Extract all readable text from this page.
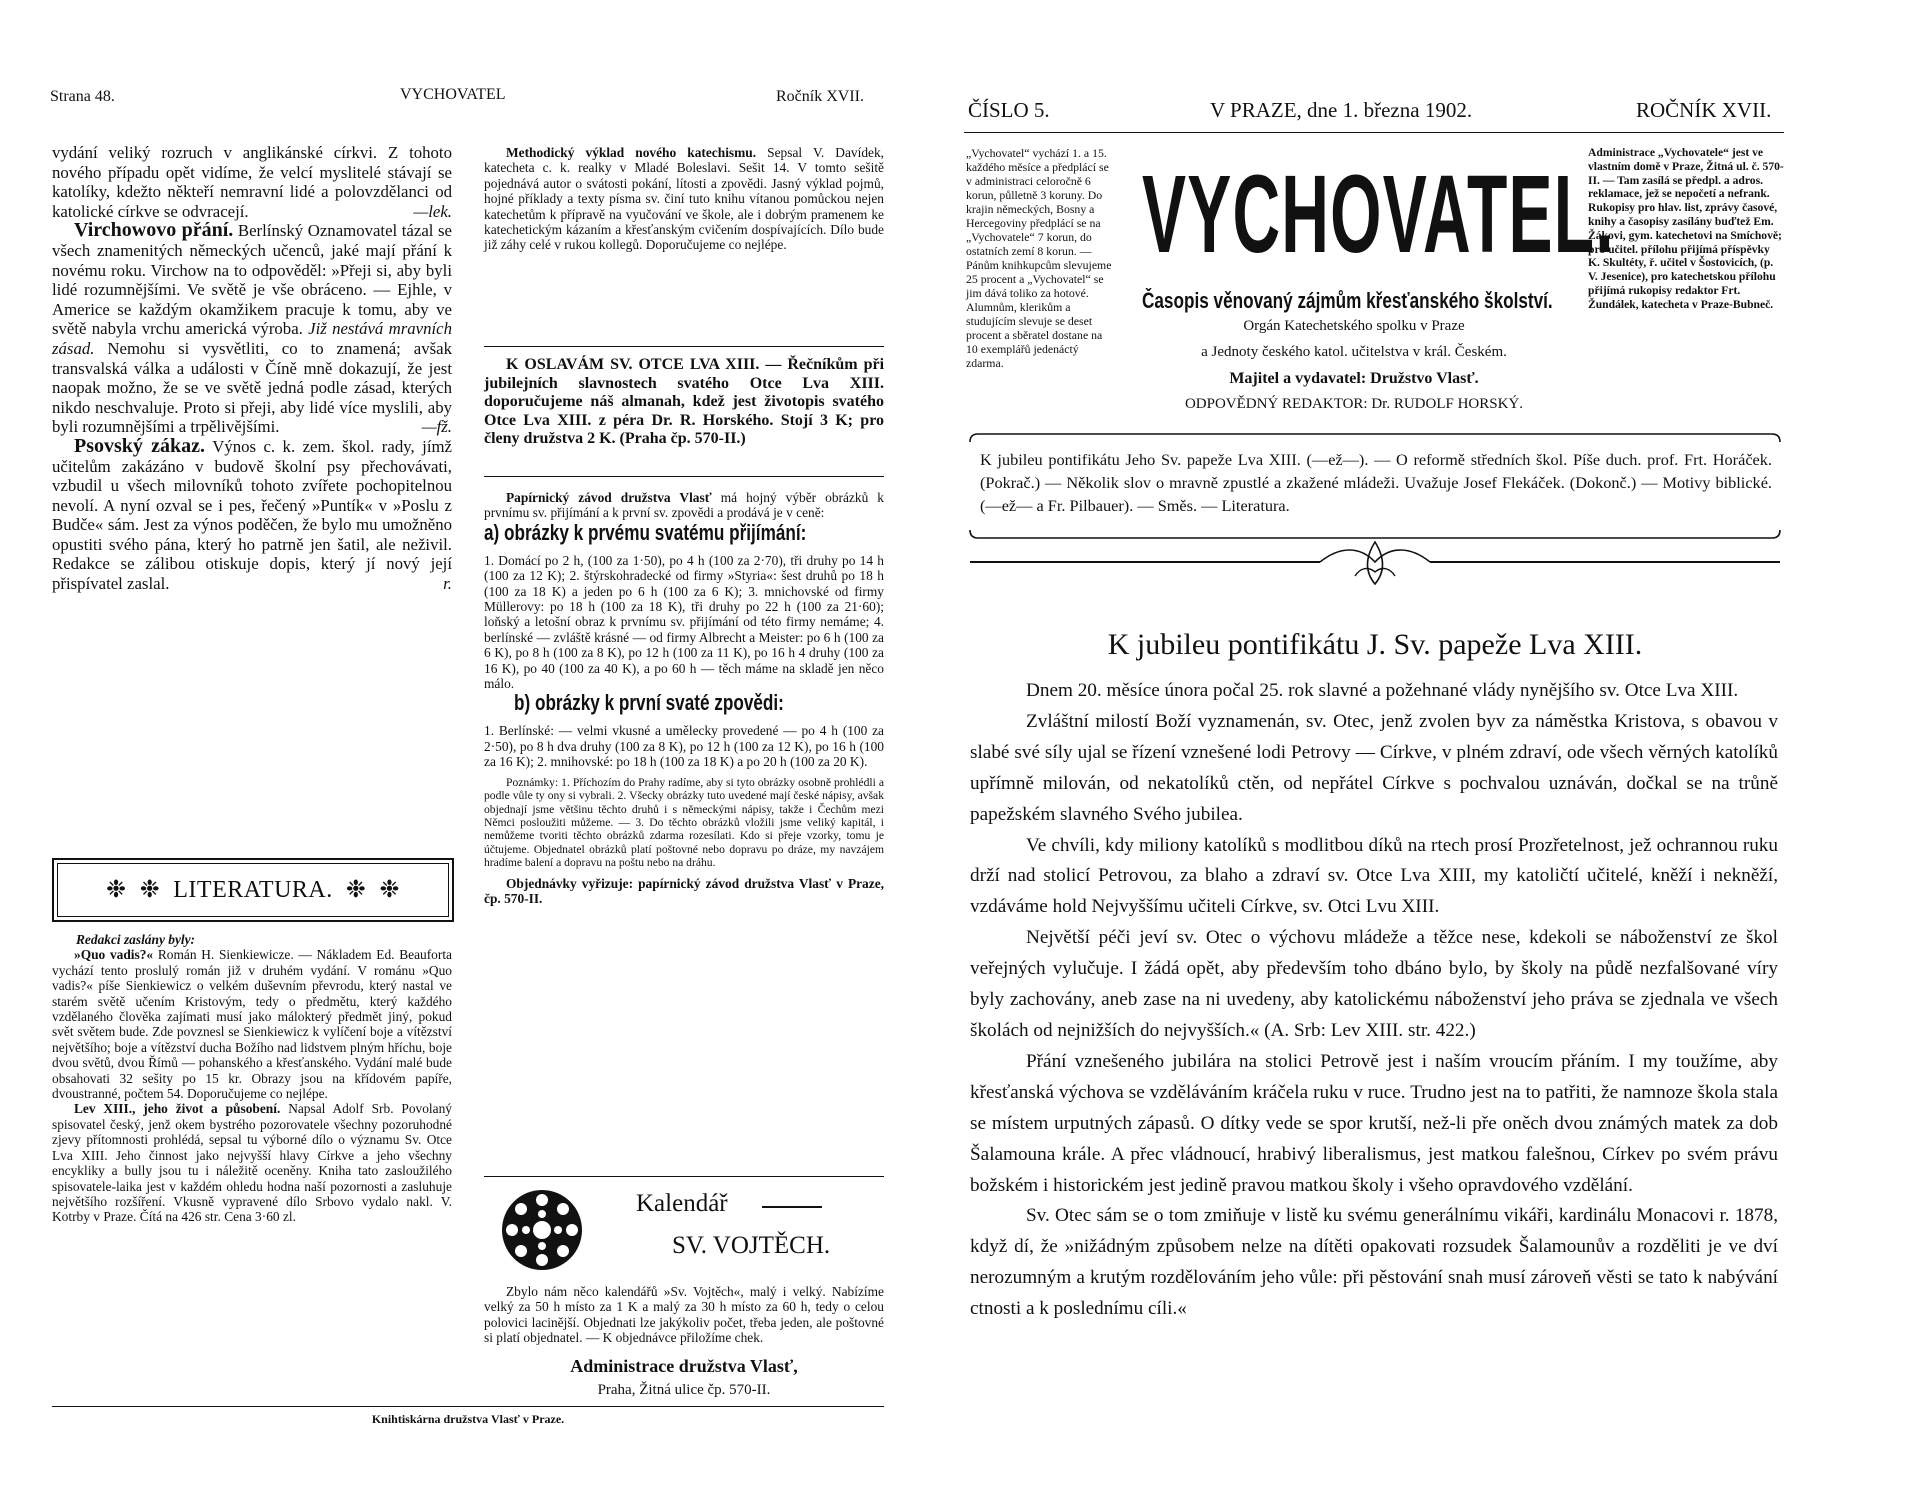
Strana 48.	VYCHOVATEL	Ročník XVII.

vydání veliký rozruch v anglikánské církvi. Z tohoto nového případu opět vidíme, že velcí myslitelé stávají se katolíky, kdežto někteří nemravní lidé a polovzdělanci od katolické církve se odvracejí.	—lek.

Virchowovo přání. Berlínský Oznamovatel tázal se všech znamenitých německých učenců, jaké mají přání k novému roku. Virchow na to odpověděl: »Přeji si, aby byli lidé rozumnějšími. Ve světě je vše obráceno. — Ejhle, v Americe se každým okamžikem pracuje k tomu, aby ve světě nabyla vrchu americká výroba. Již nestává mravních zásad. Nemohu si vysvětliti, co to znamená; avšak transvalská válka a události v Číně mně dokazují, že jest naopak možno, že se ve světě jedná podle zásad, kterých nikdo neschvaluje. Proto si přeji, aby lidé více myslili, aby byli rozumnějšími a trpělivějšími.	—fž.

Psovský zákaz. Výnos c. k. zem. škol. rady, jímž učitelům zakázáno v budově školní psy přechovávati, vzbudil u všech milovníků tohoto zvířete pochopitelnou nevolí. A nyní ozval se i pes, řečený »Puntík« v »Poslu z Budče« sám. Jest za výnos poděčen, že bylo mu umožněno opustiti svého pána, který ho patrně jen šatil, ale neživil. Redakce se zálibou otiskuje dopis, který jí nový její přispívatel zaslal.	r.

❉ ❉ LITERATURA. ❉ ❉

Redakci zaslány byly:

»Quo vadis?« Román H. Sienkiewicze. — Nákladem Ed. Beauforta vychází tento proslulý román již v druhém vydání. V románu »Quo vadis?« píše Sienkiewicz o velkém duševním převrodu, který nastal ve starém světě učením Kristovým, tedy o předmětu, který každého vzdělaného člověka zajímati musí jako málokterý předmět jiný, pokud svět světem bude. Zde povznesl se Sienkiewicz k vylíčení boje a vítězství největšího; boje a vítězství ducha Božího nad lidstvem plným hříchu, boje dvou světů, dvou Římů — pohanského a křesťanského. Vydání malé bude obsahovati 32 sešity po 15 kr. Obrazy jsou na křídovém papíře, dvoustranné, počtem 54. Doporučujeme co nejlépe.

Lev XIII., jeho život a působení. Napsal Adolf Srb. Povolaný spisovatel český, jenž okem bystrého pozorovatele všechny pozoruhodné zjevy přítomnosti prohlédá, sepsal tu výborné dílo o významu Sv. Otce Lva XIII. Jeho činnost jako nejvyšší hlavy Církve a jeho všechny encykliky a bully jsou tu i náležitě oceněny. Kniha tato zasloužilého spisovatele-laika jest v každém ohledu hodna naší pozornosti a zasluhuje největšího rozšíření. Vkusně vypravené dílo Srbovo vydalo nakl. V. Kotrby v Praze. Čítá na 426 str. Cena 3·60 zl.

Methodický výklad nového katechismu. Sepsal V. Davídek, katecheta c. k. realky v Mladé Boleslavi. Sešit 14. V tomto sešitě pojednává autor o svátosti pokání, lítosti a zpovědi. Jasný výklad pojmů, hojné příklady a texty písma sv. činí tuto knihu vítanou pomůckou nejen katechetům k přípravě na vyučování ve škole, ale i dobrým pramenem ke katechetickým kázaním a křesťanským cvičením dospívajících. Dílo bude již záhy celé v rukou kollegů. Doporučujeme co nejlépe.

K OSLAVÁM SV. OTCE LVA XIII. — Řečníkům při jubilejních slavnostech svatého Otce Lva XIII. doporučujeme náš almanah, kdež jest životopis svatého Otce Lva XIII. z péra Dr. R. Horského. Stojí 3 K; pro členy družstva 2 K. (Praha čp. 570-II.)

Papírnický závod družstva Vlasť má hojný výběr obrázků k prvnímu sv. přijímání a k první sv. zpovědi a prodává je v ceně:

a) obrázky k prvému svatému přijímání:

1. Domácí po 2 h, (100 za 1·50), po 4 h (100 za 2·70), tři druhy po 14 h (100 za 12 K); 2. štýrskohradecké od firmy »Styria«: šest druhů po 18 h (100 za 18 K) a jeden po 6 h (100 za 6 K); 3. mnichovské od firmy Müllerovy: po 18 h (100 za 18 K), tři druhy po 22 h (100 za 21·60); loňský a letošní obraz k prvnímu sv. přijímání od této firmy nemáme; 4. berlínské — zvláště krásné — od firmy Albrecht a Meister: po 6 h (100 za 6 K), po 8 h (100 za 8 K), po 12 h (100 za 11 K), po 16 h 4 druhy (100 za 16 K), po 40 (100 za 40 K), a po 60 h — těch máme na skladě jen něco málo.

b) obrázky k první svaté zpovědi:

1. Berlínské: — velmi vkusné a umělecky provedené — po 4 h (100 za 2·50), po 8 h dva druhy (100 za 8 K), po 12 h (100 za 12 K), po 16 h (100 za 16 K); 2. mnihovské: po 18 h (100 za 18 K) a po 20 h (100 za 20 K).

Poznámky: 1. Příchozím do Prahy radíme, aby si tyto obrázky osobně prohlédli a podle vůle ty ony si vybrali. 2. Všecky obrázky tuto uvedené mají české nápisy, avšak objednají jsme většinu těchto druhů i s německými nápisy, takže i Čechům mezi Němci posloužiti můžeme. — 3. Do těchto obrázků vložili jsme veliký kapitál, i nemůžeme tvoriti těchto obrázků zdarma rozesílati. Kdo si přeje vzorky, tomu je účtujeme. Objednatel obrázků platí poštovné nebo dopravu po dráze, my navzájem hradíme balení a dopravu na poštu nebo na dráhu.

Objednávky vyřizuje: papírnický závod družstva Vlasť v Praze, čp. 570-II.

Kalendář
SV. VOJTĚCH.

Zbylo nám něco kalendářů »Sv. Vojtěch«, malý i velký. Nabízíme velký za 50 h místo za 1 K a malý za 30 h místo za 60 h, tedy o celou polovici lacinější. Objednati lze jakýkoliv počet, třeba jeden, ale poštovné si platí objednatel. — K objednávce přiložíme chek.

Administrace družstva Vlasť,
Praha, Žitná ulice čp. 570-II.
Knihtiskárna družstva Vlasť v Praze.
ČÍSLO 5.	V PRAZE, dne 1. března 1902.	ROČNÍK XVII.
„Vychovatel“ vychází 1. a 15. každého měsíce a předplácí se v administraci celoročně 6 korun, půlletně 3 koruny. Do krajin německých, Bosny a Hercegoviny předplácí se na „Vychovatele“ 7 korun, do ostatních zemí 8 korun. — Pánům knihkupcům slevujeme 25 procent a „Vychovatel“ se jim dává toliko za hotové. Alumnům, klerikům a studujícím slevuje se deset procent a sběratel dostane na 10 exemplářů jedenáctý zdarma.
VYCHOVATEL.
Časopis věnovaný zájmům křesťanského školství.
Orgán Katechetského spolku v Praze
a Jednoty českého katol. učitelstva v král. Českém.
Majitel a vydavatel: Družstvo Vlasť.
ODPOVĚDNÝ REDAKTOR: Dr. RUDOLF HORSKÝ.
Administrace „Vychovatele“ jest ve vlastním domě v Praze, Žitná ul. č. 570-II. — Tam zasílá se předpl. a adros. reklamace, jež se nepočetí a nefrank. Rukopisy pro hlav. list, zprávy časové, knihy a časopisy zasílány buďtež Em. Žákovi, gym. katechetovi na Smíchově; pro učitel. přílohu přijímá příspěvky K. Skultéty, ř. učitel v Šostovicích, (p. V. Jesenice), pro katechetskou přílohu přijímá rukopisy redaktor Frt. Žundálek, katecheta v Praze-Bubneč.
K jubileu pontifikátu Jeho Sv. papeže Lva XIII. (—ež—). — O reformě středních škol. Píše duch. prof. Frt. Horáček. (Pokrač.) — Několik slov o mravně zpustlé a zkažené mládeži. Uvažuje Josef Flekáček. (Dokonč.) — Motivy biblické. (—ež— a Fr. Pilbauer). — Směs. — Literatura.
K jubileu pontifikátu J. Sv. papeže Lva XIII.

Dnem 20. měsíce února počal 25. rok slavné a požehnané vlády nynějšího sv. Otce Lva XIII.

Zvláštní milostí Boží vyznamenán, sv. Otec, jenž zvolen byv za náměstka Kristova, s obavou v slabé své síly ujal se řízení vznešené lodi Petrovy — Církve, v plném zdraví, ode všech věrných katolíků upřímně milován, od nekatolíků ctěn, od nepřátel Církve s pochvalou uznáván, dočkal se na trůně papežském slavného Svého jubilea.

Ve chvíli, kdy miliony katolíků s modlitbou díků na rtech prosí Prozřetelnost, jež ochrannou ruku drží nad stolicí Petrovou, za blaho a zdraví sv. Otce Lva XIII, my katoličtí učitelé, kněží i nekněží, vzdáváme hold Nejvyššímu učiteli Církve, sv. Otci Lvu XIII.

Největší péči jeví sv. Otec o výchovu mládeže a těžce nese, kdekoli se náboženství ze škol veřejných vylučuje. I žádá opět, aby především toho dbáno bylo, by školy na půdě nezfalšované víry byly zachovány, aneb zase na ni uvedeny, aby katolickému náboženství jeho práva se zjednala ve všech školách od nejnižších do nejvyšších.« (A. Srb: Lev XIII. str. 422.)

Přání vznešeného jubilára na stolici Petrově jest i naším vroucím přáním. I my toužíme, aby křesťanská výchova se vzděláváním kráčela ruku v ruce. Trudno jest na to patřiti, že namnoze škola stala se místem urputných zápasů. O dítky vede se spor krutší, než-li pře oněch dvou známých matek za dob Šalamouna krále. A přec vládnoucí, hrabivý liberalismus, jest matkou falešnou, Církev po svém právu božském i historickém jest jedině pravou matkou školy i všeho opravdového vzdělání.

Sv. Otec sám se o tom zmiňuje v listě ku svému generálnímu vikáři, kardinálu Monacovi r. 1878, když dí, že »nižádným způsobem nelze na dítěti opakovati rozsudek Šalamounův a rozděliti je ve dví nerozumným a krutým rozdělováním jeho vůle: při pěstování snah musí zároveň věsti se tato k nabývání ctnosti a k poslednímu cíli.«
